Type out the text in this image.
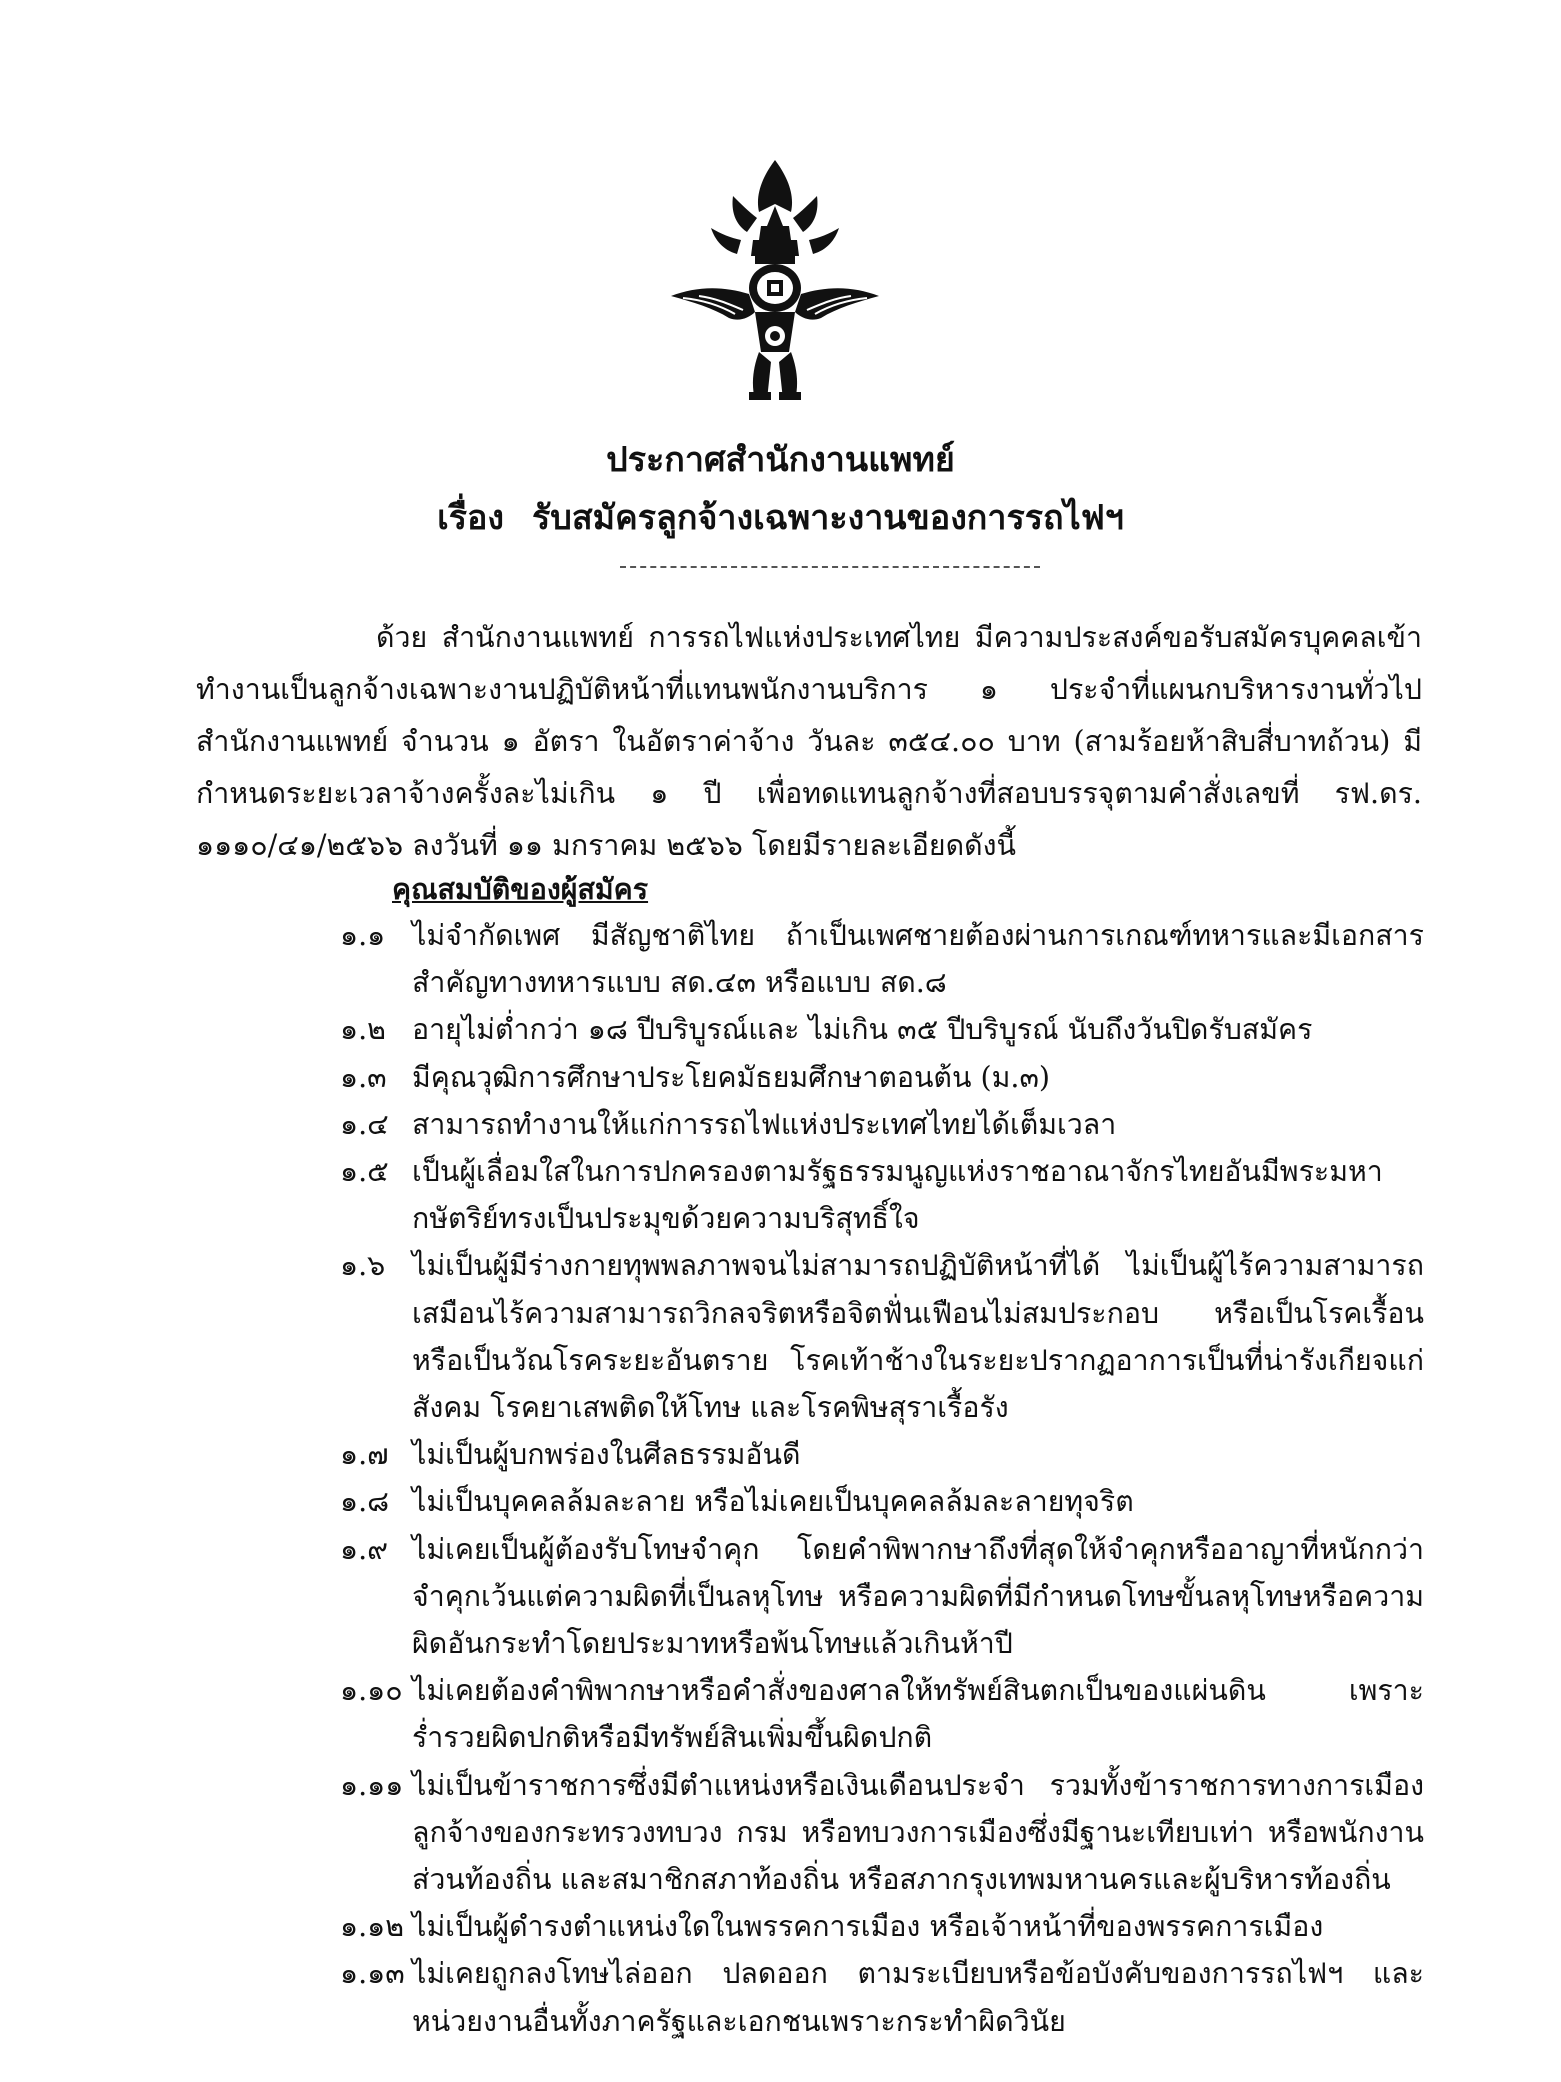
ประกาศสำนักงานแพทย์
เรื่อง รับสมัครลูกจ้างเฉพาะงานของการรถไฟฯ

ด้วย สำนักงานแพทย์ การรถไฟแห่งประเทศไทย มีความประสงค์ขอรับสมัครบุคคลเข้าทำงานเป็นลูกจ้างเฉพาะงานปฏิบัติหน้าที่แทนพนักงานบริการ ๑ ประจำที่แผนกบริหารงานทั่วไป สำนักงานแพทย์ จำนวน ๑ อัตรา ในอัตราค่าจ้าง วันละ ๓๕๔.๐๐ บาท (สามร้อยห้าสิบสี่บาทถ้วน) มีกำหนดระยะเวลาจ้างครั้งละไม่เกิน ๑ ปี เพื่อทดแทนลูกจ้างที่สอบบรรจุตามคำสั่งเลขที่ รฟ.ดร. ๑๑๑๐/๔๑/๒๕๖๖ ลงวันที่ ๑๑ มกราคม ๒๕๖๖ โดยมีรายละเอียดดังนี้

คุณสมบัติของผู้สมัคร
๑.๑ ไม่จำกัดเพศ มีสัญชาติไทย ถ้าเป็นเพศชายต้องผ่านการเกณฑ์ทหารและมีเอกสารสำคัญทางทหารแบบ สด.๔๓ หรือแบบ สด.๘
๑.๒ อายุไม่ต่ำกว่า ๑๘ ปีบริบูรณ์และ ไม่เกิน ๓๕ ปีบริบูรณ์ นับถึงวันปิดรับสมัคร
๑.๓ มีคุณวุฒิการศึกษาประโยคมัธยมศึกษาตอนต้น (ม.๓)
๑.๔ สามารถทำงานให้แก่การรถไฟแห่งประเทศไทยได้เต็มเวลา
๑.๕ เป็นผู้เลื่อมใสในการปกครองตามรัฐธรรมนูญแห่งราชอาณาจักรไทยอันมีพระมหากษัตริย์ทรงเป็นประมุขด้วยความบริสุทธิ์ใจ
๑.๖ ไม่เป็นผู้มีร่างกายทุพพลภาพจนไม่สามารถปฏิบัติหน้าที่ได้ ไม่เป็นผู้ไร้ความสามารถ เสมือนไร้ความสามารถวิกลจริตหรือจิตฟั่นเฟือนไม่สมประกอบ หรือเป็นโรคเรื้อน หรือเป็นวัณโรคระยะอันตราย โรคเท้าช้างในระยะปรากฏอาการเป็นที่น่ารังเกียจแก่สังคม โรคยาเสพติดให้โทษ และโรคพิษสุราเรื้อรัง
๑.๗ ไม่เป็นผู้บกพร่องในศีลธรรมอันดี
๑.๘ ไม่เป็นบุคคลล้มละลาย หรือไม่เคยเป็นบุคคลล้มละลายทุจริต
๑.๙ ไม่เคยเป็นผู้ต้องรับโทษจำคุก โดยคำพิพากษาถึงที่สุดให้จำคุกหรืออาญาที่หนักกว่าจำคุกเว้นแต่ความผิดที่เป็นลหุโทษ หรือความผิดที่มีกำหนดโทษขั้นลหุโทษหรือความผิดอันกระทำโดยประมาทหรือพ้นโทษแล้วเกินห้าปี
๑.๑๐ ไม่เคยต้องคำพิพากษาหรือคำสั่งของศาลให้ทรัพย์สินตกเป็นของแผ่นดิน เพราะร่ำรวยผิดปกติหรือมีทรัพย์สินเพิ่มขึ้นผิดปกติ
๑.๑๑ ไม่เป็นข้าราชการซึ่งมีตำแหน่งหรือเงินเดือนประจำ รวมทั้งข้าราชการทางการเมืองลูกจ้างของกระทรวงทบวง กรม หรือทบวงการเมืองซึ่งมีฐานะเทียบเท่า หรือพนักงานส่วนท้องถิ่น และสมาชิกสภาท้องถิ่น หรือสภากรุงเทพมหานครและผู้บริหารท้องถิ่น
๑.๑๒ ไม่เป็นผู้ดำรงตำแหน่งใดในพรรคการเมือง หรือเจ้าหน้าที่ของพรรคการเมือง
๑.๑๓ ไม่เคยถูกลงโทษไล่ออก ปลดออก ตามระเบียบหรือข้อบังคับของการรถไฟฯ และหน่วยงานอื่นทั้งภาครัฐและเอกชนเพราะกระทำผิดวินัย
